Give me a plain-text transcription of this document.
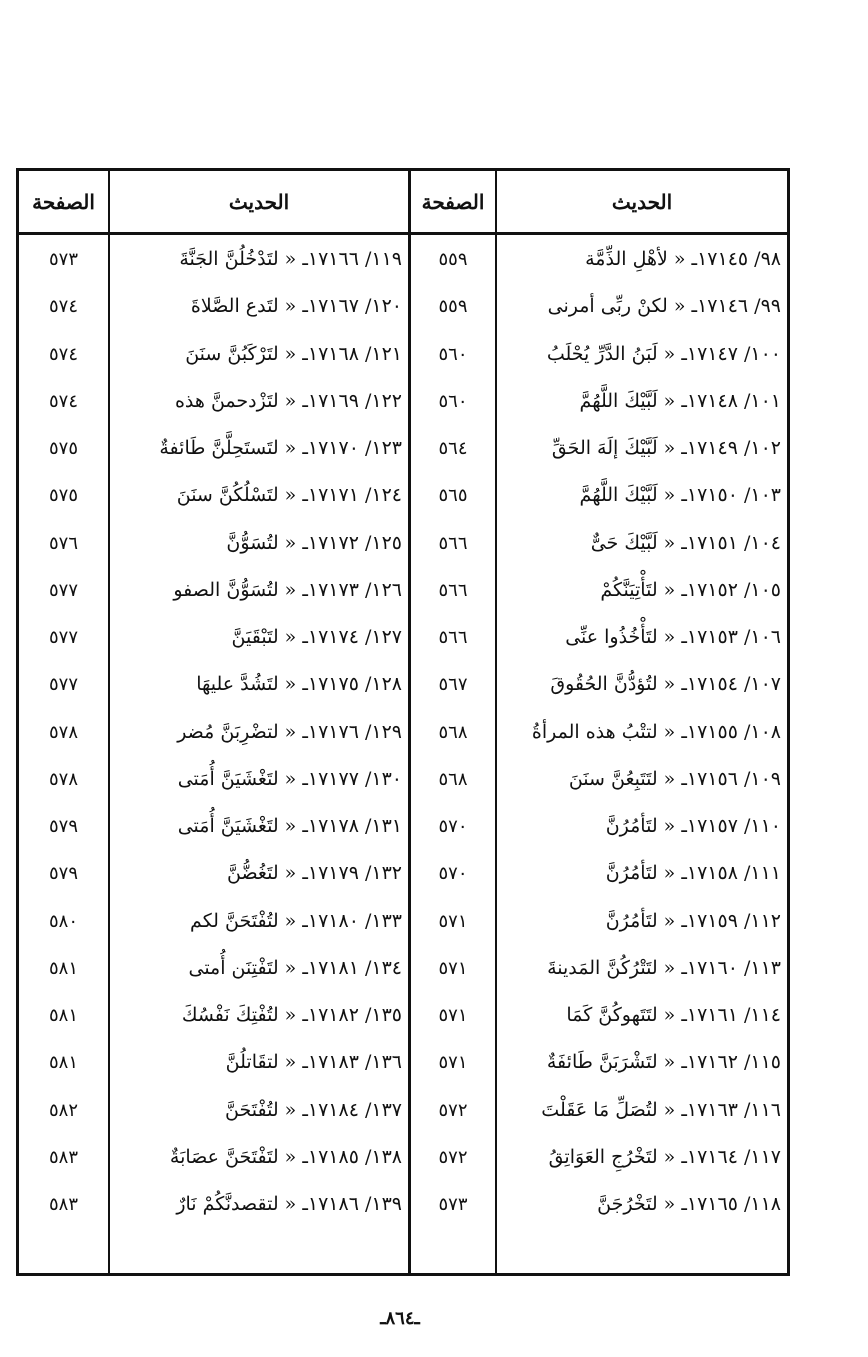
الحديث
الصفحة
الحديث
الصفحة
٩٨/ ١٧١٤٥ـ « لأهْلِ الذِّمَّة
٥٥٩
٩٩/ ١٧١٤٦ـ « لكنْ ربِّى أمرنى
٥٥٩
١٠٠/ ١٧١٤٧ـ « لَبَنُ الدَّرِّ يُحْلَبُ
٥٦٠
١٠١/ ١٧١٤٨ـ « لَبَّيْكَ اللَّهُمَّ
٥٦٠
١٠٢/ ١٧١٤٩ـ « لَبَّيْكَ إلَهَ الحَقِّ
٥٦٤
١٠٣/ ١٧١٥٠ـ « لَبَّيْكَ اللَّهُمَّ
٥٦٥
١٠٤/ ١٧١٥١ـ « لَبَّيْكَ حَىٌّ
٥٦٦
١٠٥/ ١٧١٥٢ـ « لتَأْتِيَنَّكُمْ
٥٦٦
١٠٦/ ١٧١٥٣ـ « لتَأْخُذُوا عنِّى
٥٦٦
١٠٧/ ١٧١٥٤ـ « لتُؤدُّنَّ الحُقُوقَ
٥٦٧
١٠٨/ ١٧١٥٥ـ « لتتْبُ هذه المرأةُ
٥٦٨
١٠٩/ ١٧١٥٦ـ « لتَتَبِعُنَّ سنَنَ
٥٦٨
١١٠/ ١٧١٥٧ـ « لتَأمُرُنَّ
٥٧٠
١١١/ ١٧١٥٨ـ « لتَأمُرُنَّ
٥٧٠
١١٢/ ١٧١٥٩ـ « لتَأمُرُنَّ
٥٧١
١١٣/ ١٧١٦٠ـ « لتَتْرُكُنَّ المَدينةَ
٥٧١
١١٤/ ١٧١٦١ـ « لتَتَهوكُنَّ كَمَا
٥٧١
١١٥/ ١٧١٦٢ـ « لتَشْرَبَنَّ طَائفَةٌ
٥٧١
١١٦/ ١٧١٦٣ـ « لتُصَلِّ مَا عَقَلْتَ
٥٧٢
١١٧/ ١٧١٦٤ـ « لتَخْرُجِ العَوَاتِقُ
٥٧٢
١١٨/ ١٧١٦٥ـ « لتَخْرُجَنَّ
٥٧٣
١١٩/ ١٧١٦٦ـ « لتَدْخُلُنَّ الجَنَّةَ
٥٧٣
١٢٠/ ١٧١٦٧ـ « لتَدع الصَّلاةَ
٥٧٤
١٢١/ ١٧١٦٨ـ « لتَرْكَبُنَّ سنَنَ
٥٧٤
١٢٢/ ١٧١٦٩ـ « لتَزْدحمنَّ هذه
٥٧٤
١٢٣/ ١٧١٧٠ـ « لتَستَحِلَّنَّ طَائفةٌ
٥٧٥
١٢٤/ ١٧١٧١ـ « لتَسْلُكُنَّ سنَنَ
٥٧٥
١٢٥/ ١٧١٧٢ـ « لتُسَوُّنَّ
٥٧٦
١٢٦/ ١٧١٧٣ـ « لتُسَوُّنَّ الصفو
٥٧٧
١٢٧/ ١٧١٧٤ـ « لتَبْقَيَنَّ
٥٧٧
١٢٨/ ١٧١٧٥ـ « لتَشُدَّ عليهَا
٥٧٧
١٢٩/ ١٧١٧٦ـ « لتضْرِبَنَّ مُضر
٥٧٨
١٣٠/ ١٧١٧٧ـ « لتَغْشَيَنَّ أُمَتى
٥٧٨
١٣١/ ١٧١٧٨ـ « لتَغْشَيَنَّ أُمَتى
٥٧٩
١٣٢/ ١٧١٧٩ـ « لتَغُضُّنَّ
٥٧٩
١٣٣/ ١٧١٨٠ـ « لتُفْتَحَنَّ لكم
٥٨٠
١٣٤/ ١٧١٨١ـ « لتَفْتِنَن أُمتى
٥٨١
١٣٥/ ١٧١٨٢ـ « لتُفْتِكَ نَفْسُكَ
٥٨١
١٣٦/ ١٧١٨٣ـ « لتقَاتلُنَّ
٥٨١
١٣٧/ ١٧١٨٤ـ « لتُفْتَحَنَّ
٥٨٢
١٣٨/ ١٧١٨٥ـ « لتَفْتَحَنَّ عصَابَةٌ
٥٨٣
١٣٩/ ١٧١٨٦ـ « لتقصدنَّكُمْ نَارٌ
٥٨٣
ـ٨٦٤ـ
